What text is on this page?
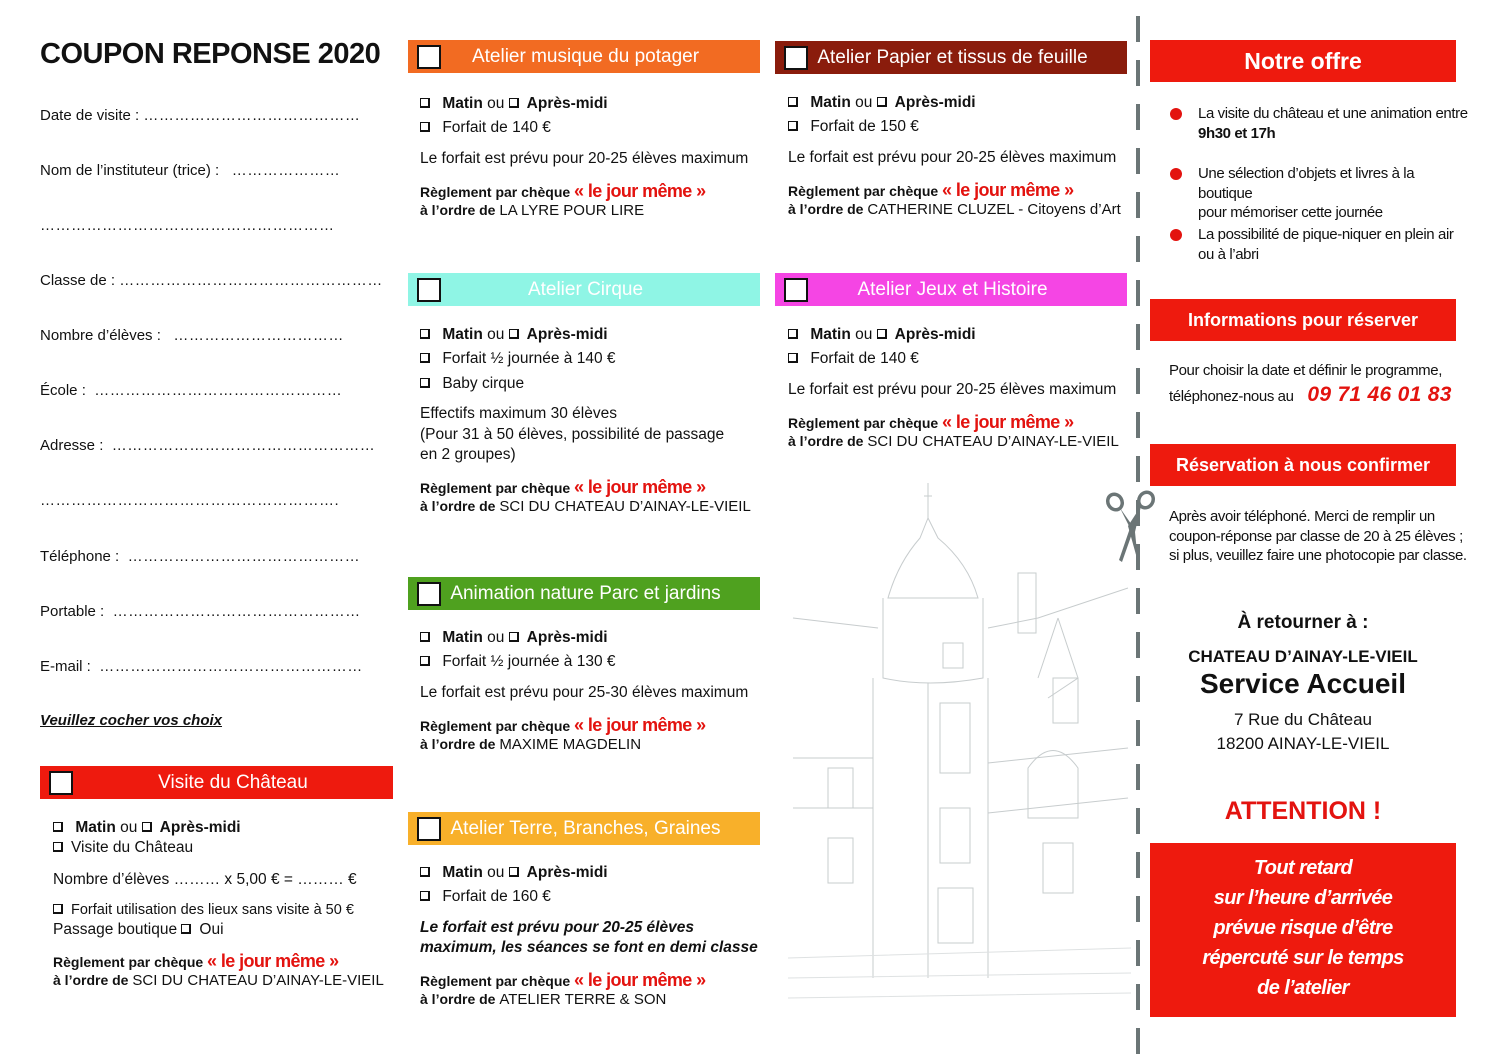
COUPON REPONSE 2020
Date de visite : ……………………………………
Nom de l’instituteur (trice) : …………………
…………………………………………………
Classe de : ……………………………………………
Nombre d’élèves : ……………………………
École : …………………………………………
Adresse : ……………………………………………
………………………………………………….
Téléphone : ………………………………………
Portable : …………………………………………
E-mail : ……………………………………………
Veuillez cocher vos choix
Visite du Château
Matin ou Après-midi
Visite du Château
Nombre d’élèves ……… x 5,00 € = ……… €
Forfait utilisation des lieux sans visite à 50 €
Passage boutique Oui
Règlement par chèque « le jour même »
à l’ordre de SCI DU CHATEAU D’AINAY-LE-VIEIL
Atelier musique du potager
Matin ou Après-midi
Forfait de 140 €
Le forfait est prévu pour 20-25 élèves maximum
Règlement par chèque « le jour même »
à l’ordre de LA LYRE POUR LIRE
Atelier Cirque
Matin ou Après-midi
Forfait ½ journée à 140 €
Baby cirque
Effectifs maximum 30 élèves
(Pour 31 à 50 élèves, possibilité de passage
en 2 groupes)
Règlement par chèque « le jour même »
à l’ordre de SCI DU CHATEAU D’AINAY-LE-VIEIL
Animation nature Parc et jardins
Matin ou Après-midi
Forfait ½ journée à 130 €
Le forfait est prévu pour 25-30 élèves maximum
Règlement par chèque « le jour même »
à l’ordre de MAXIME MAGDELIN
Atelier Terre, Branches, Graines
Matin ou Après-midi
Forfait de 160 €
Le forfait est prévu pour 20-25 élèves
maximum, les séances se font en demi classe
Règlement par chèque « le jour même »
à l’ordre de ATELIER TERRE & SON
Atelier Papier et tissus de feuille
Matin ou Après-midi
Forfait de 150 €
Le forfait est prévu pour 20-25 élèves maximum
Règlement par chèque « le jour même »
à l’ordre de CATHERINE CLUZEL - Citoyens d’Art
Atelier Jeux et Histoire
Matin ou Après-midi
Forfait de 140 €
Le forfait est prévu pour 20-25 élèves maximum
Règlement par chèque « le jour même »
à l’ordre de SCI DU CHATEAU D’AINAY-LE-VIEIL
Notre offre
La visite du château et une animation entre
9h30 et 17h
Une sélection d’objets et livres à la boutique
pour mémoriser cette journée
La possibilité de pique-niquer en plein air
ou à l’abri
Informations pour réserver
Pour choisir la date et définir le programme,
téléphonez-nous au 09 71 46 01 83
Réservation à nous confirmer
Après avoir téléphoné. Merci de remplir un
coupon-réponse par classe de 20 à 25 élèves ;
si plus, veuillez faire une photocopie par classe.
À retourner à :
CHATEAU D’AINAY-LE-VIEIL
Service Accueil
7 Rue du Château
18200 AINAY-LE-VIEIL
ATTENTION !
Tout retard
sur l’heure d’arrivée
prévue risque d’être
répercuté sur le temps
de l’atelier
